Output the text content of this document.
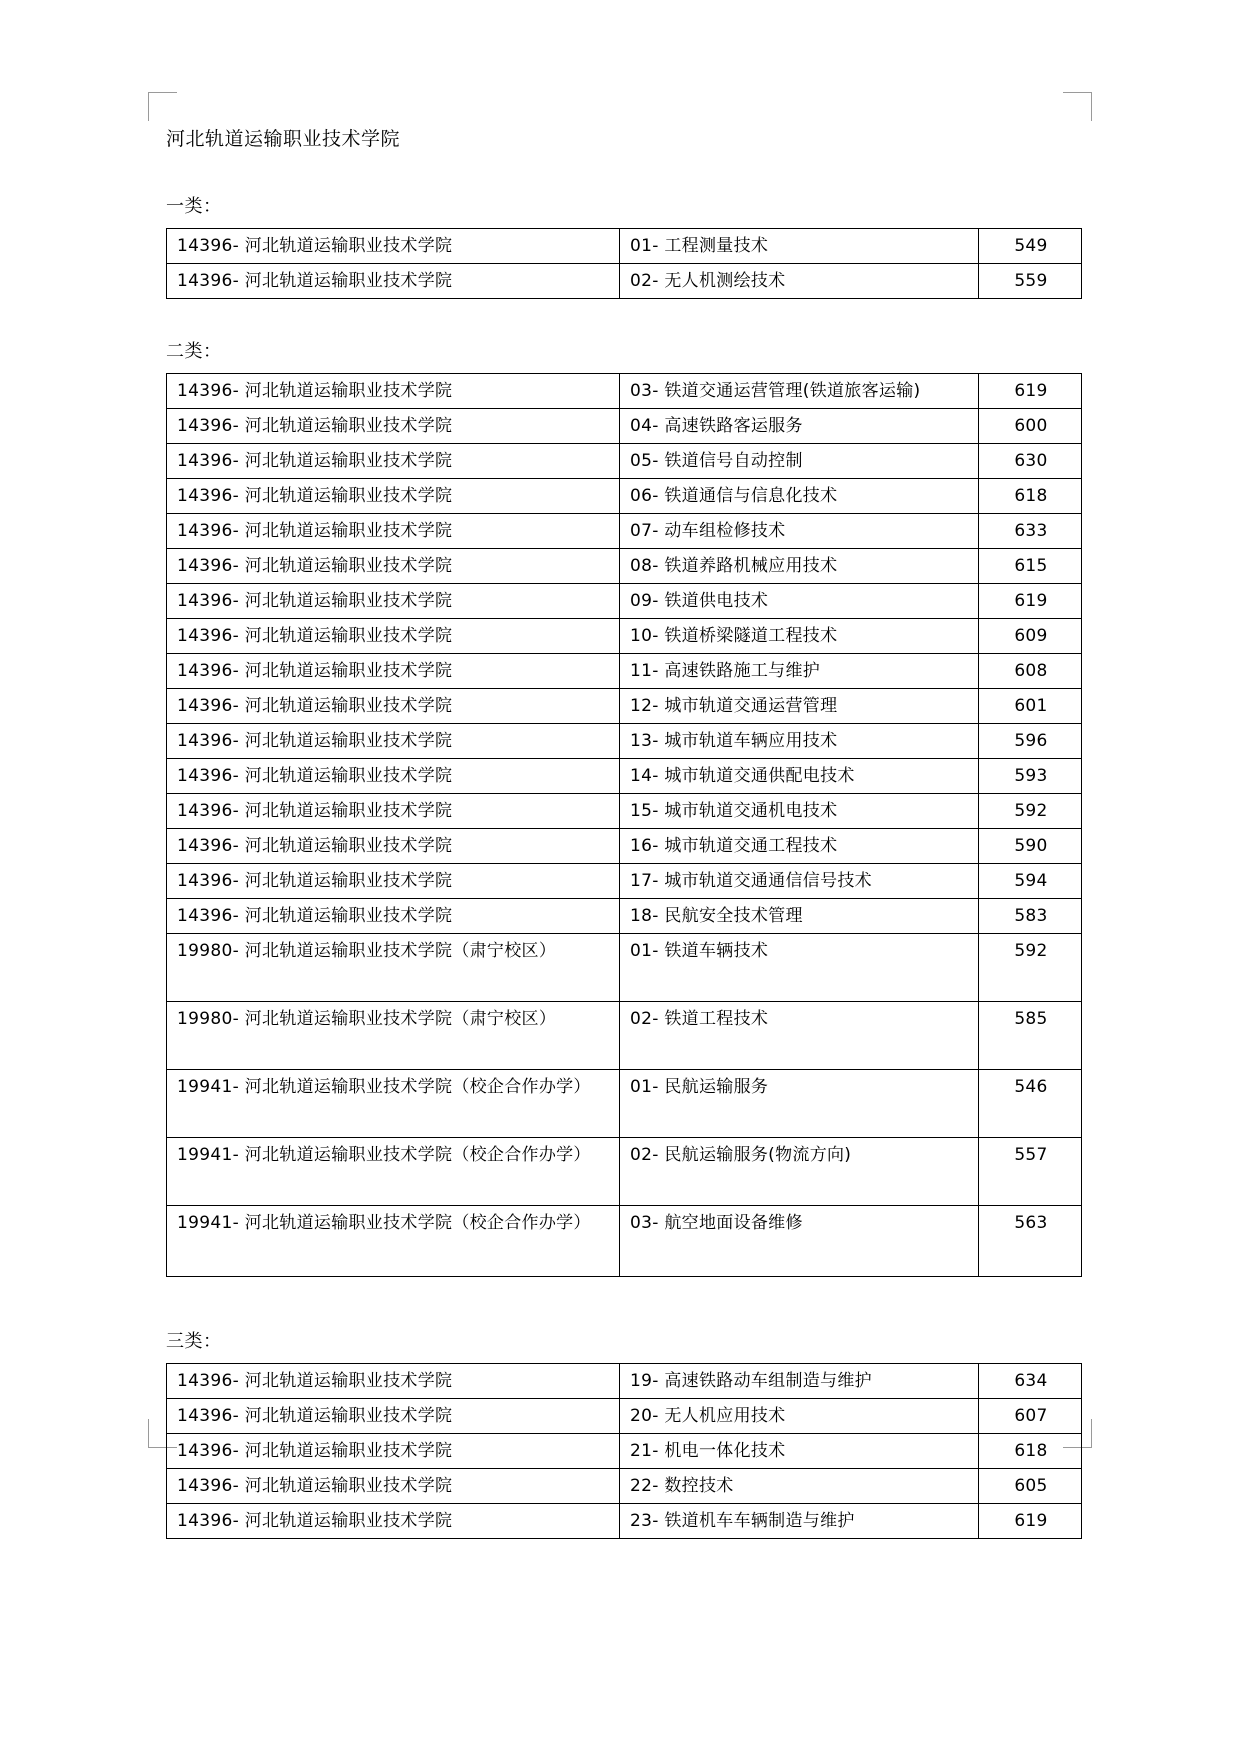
河北轨道运输职业技术学院
一类：
14396- 河北轨道运输职业技术学院	01- 工程测量技术	549
14396- 河北轨道运输职业技术学院	02- 无人机测绘技术	559
二类：
14396- 河北轨道运输职业技术学院	03- 铁道交通运营管理(铁道旅客运输)	619
14396- 河北轨道运输职业技术学院	04- 高速铁路客运服务	600
14396- 河北轨道运输职业技术学院	05- 铁道信号自动控制	630
14396- 河北轨道运输职业技术学院	06- 铁道通信与信息化技术	618
14396- 河北轨道运输职业技术学院	07- 动车组检修技术	633
14396- 河北轨道运输职业技术学院	08- 铁道养路机械应用技术	615
14396- 河北轨道运输职业技术学院	09- 铁道供电技术	619
14396- 河北轨道运输职业技术学院	10- 铁道桥梁隧道工程技术	609
14396- 河北轨道运输职业技术学院	11- 高速铁路施工与维护	608
14396- 河北轨道运输职业技术学院	12- 城市轨道交通运营管理	601
14396- 河北轨道运输职业技术学院	13- 城市轨道车辆应用技术	596
14396- 河北轨道运输职业技术学院	14- 城市轨道交通供配电技术	593
14396- 河北轨道运输职业技术学院	15- 城市轨道交通机电技术	592
14396- 河北轨道运输职业技术学院	16- 城市轨道交通工程技术	590
14396- 河北轨道运输职业技术学院	17- 城市轨道交通通信信号技术	594
14396- 河北轨道运输职业技术学院	18- 民航安全技术管理	583
19980- 河北轨道运输职业技术学院（肃宁校区）	01- 铁道车辆技术	592
19980- 河北轨道运输职业技术学院（肃宁校区）	02- 铁道工程技术	585
19941- 河北轨道运输职业技术学院（校企合作办学）	01- 民航运输服务	546
19941- 河北轨道运输职业技术学院（校企合作办学）	02- 民航运输服务(物流方向)	557
19941- 河北轨道运输职业技术学院（校企合作办学）	03- 航空地面设备维修	563
三类：
14396- 河北轨道运输职业技术学院	19- 高速铁路动车组制造与维护	634
14396- 河北轨道运输职业技术学院	20- 无人机应用技术	607
14396- 河北轨道运输职业技术学院	21- 机电一体化技术	618
14396- 河北轨道运输职业技术学院	22- 数控技术	605
14396- 河北轨道运输职业技术学院	23- 铁道机车车辆制造与维护	619
